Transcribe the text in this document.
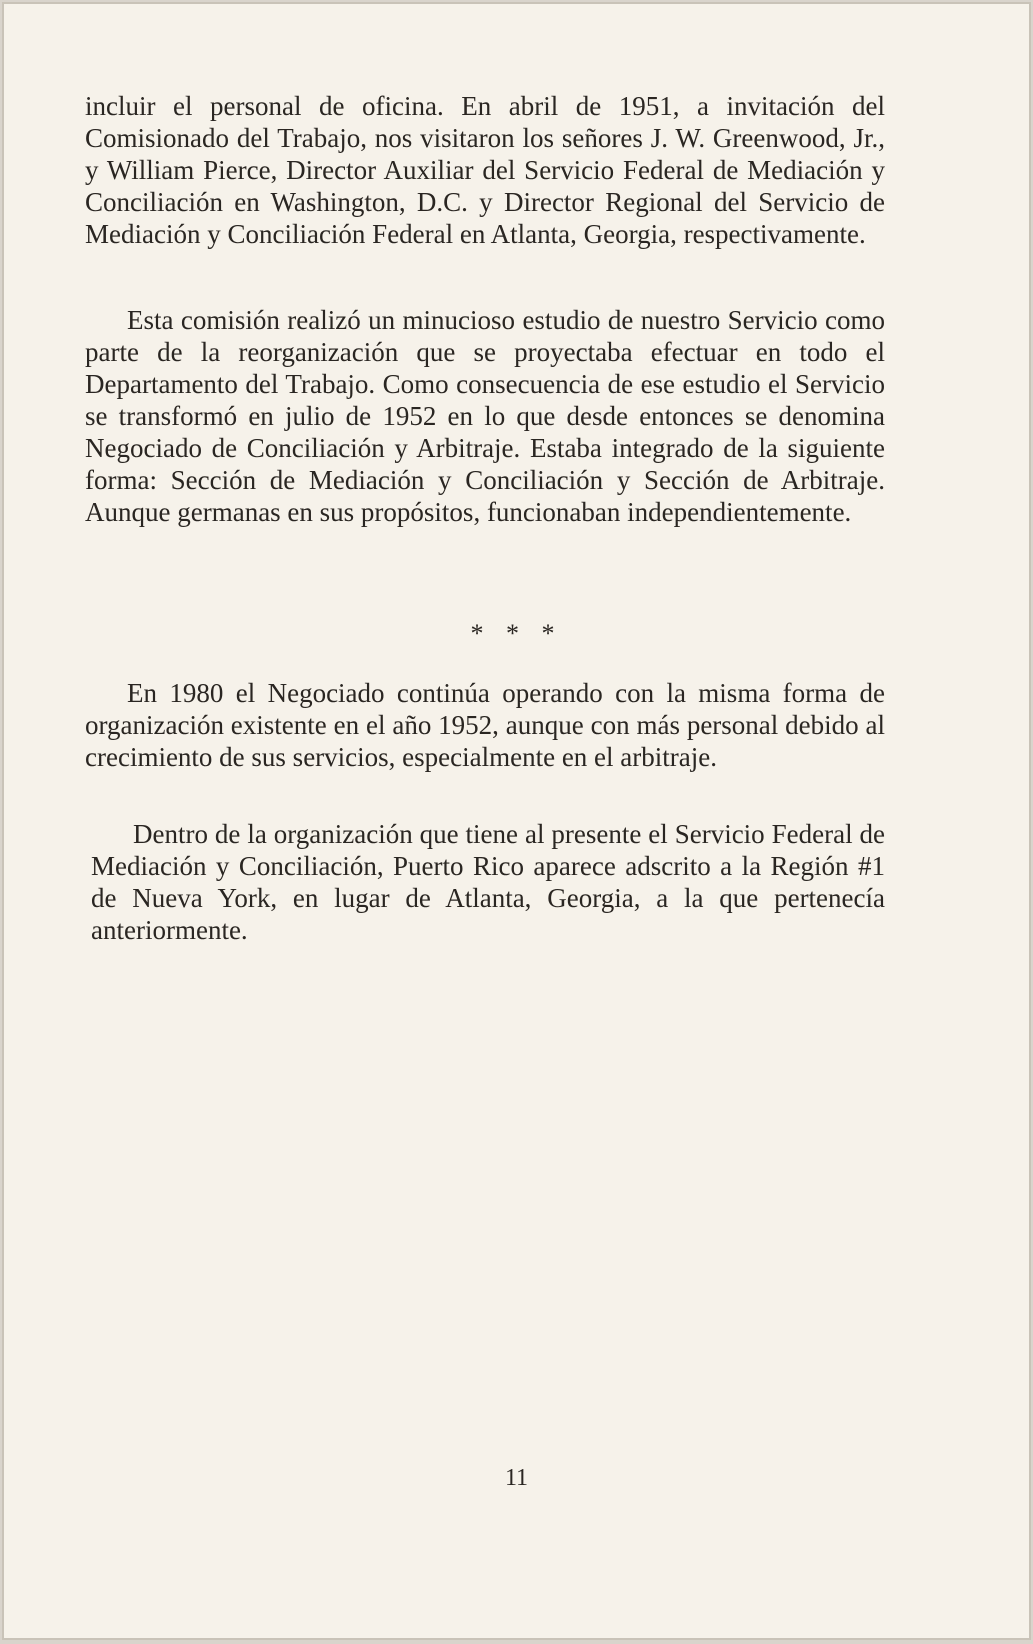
incluir el personal de oficina. En abril de 1951, a invitación del Comisionado del Trabajo, nos visitaron los señores J. W. Greenwood, Jr., y William Pierce, Director Auxiliar del Servicio Federal de Mediación y Conciliación en Washington, D.C. y Director Regional del Servicio de Mediación y Conciliación Federal en Atlanta, Georgia, respectivamente.

Esta comisión realizó un minucioso estudio de nuestro Servicio como parte de la reorganización que se proyectaba efectuar en todo el Departamento del Trabajo. Como consecuencia de ese estudio el Servicio se transformó en julio de 1952 en lo que desde entonces se denomina Negociado de Conciliación y Arbitraje. Estaba integrado de la siguiente forma: Sección de Mediación y Conciliación y Sección de Arbitraje. Aunque germanas en sus propósitos, funcionaban independientemente.

* * *

En 1980 el Negociado continúa operando con la misma forma de organización existente en el año 1952, aunque con más personal debido al crecimiento de sus servicios, especialmente en el arbitraje.

Dentro de la organización que tiene al presente el Servicio Federal de Mediación y Conciliación, Puerto Rico aparece adscrito a la Región #1 de Nueva York, en lugar de Atlanta, Georgia, a la que pertenecía anteriormente.

11
